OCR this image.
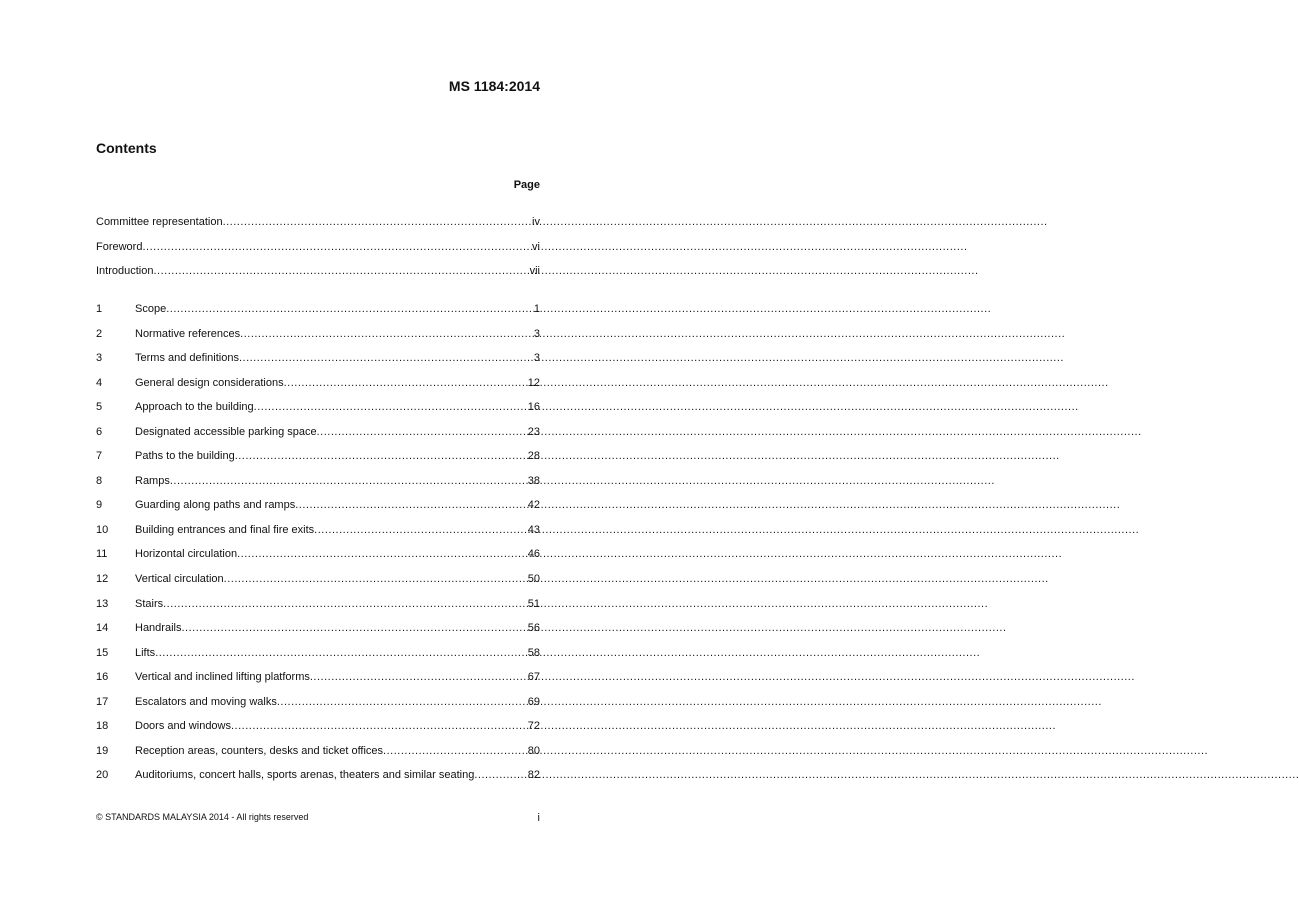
MS 1184:2014
Contents
Page
Committee representation .....	iv
Foreword .....	vi
Introduction .....	vii
1	Scope .....	1
2	Normative references .....	3
3	Terms and definitions .....	3
4	General design considerations .....	12
5	Approach to the building .....	16
6	Designated accessible parking space .....	23
7	Paths to the building .....	28
8	Ramps .....	38
9	Guarding along paths and ramps .....	42
10	Building entrances and final fire exits .....	43
11	Horizontal circulation .....	46
12	Vertical circulation .....	50
13	Stairs .....	51
14	Handrails .....	56
15	Lifts .....	58
16	Vertical and inclined lifting platforms .....	67
17	Escalators and moving walks .....	69
18	Doors and windows .....	72
19	Reception areas, counters, desks and ticket offices .....	80
20	Auditoriums, concert halls, sports arenas, theaters and similar seating .....	82
© STANDARDS MALAYSIA 2014 - All rights reserved	i
